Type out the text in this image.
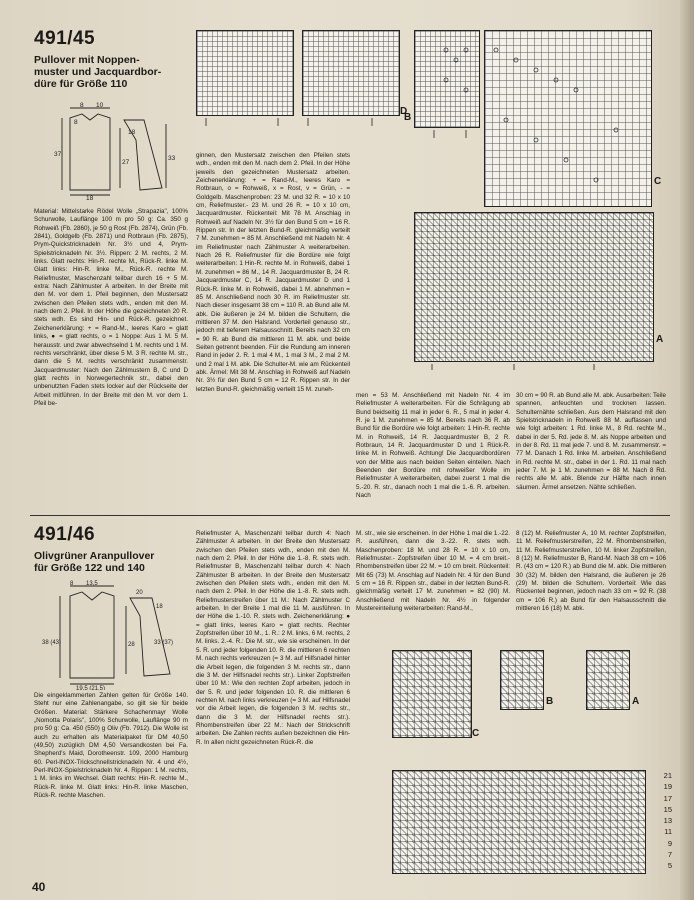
491/45
Pullover mit Noppen-
muster und Jacquardbor-
düre für Größe 110
8 10
18
37
27
33
8
18

Material: Mittelstarke Rödel Wolle „Strapazia", 100% Schurwolle, Lauflänge 100 m pro 50 g: Ca. 350 g Rohweiß (Fb. 2860), je 50 g Rost (Fb. 2874), Grün (Fb. 2841), Goldgelb (Fb. 2871) und Rotbraun (Fb. 2875), Prym-Quickstricknadeln Nr. 3½ und 4, Prym-Spielstricknadeln Nr. 3½. Rippen: 2 M. rechts, 2 M. links. Glatt rechts: Hin-R. rechte M., Rück-R. linke M. Glatt links: Hin-R. linke M., Rück-R. rechte M. Reliefmuster, Maschenzahl teilbar durch 16 + 5 M. extra: Nach Zählmuster A arbeiten. In der Breite mit den M. vor dem 1. Pfeil beginnen, den Mustersatz zwischen den Pfeilen stets wdh., enden mit den M. nach dem 2. Pfeil. In der Höhe die gezeichneten 20 R. stets wdh. Es sind Hin- und Rück-R. gezeichnet. Zeichenerklärung: + = Rand-M., leeres Karo = glatt links, ● = glatt rechts, o = 1 Noppe: Aus 1 M. 5 M. herausstr. und zwar abwechselnd 1 M. rechts und 1 M. rechts verschränkt, über diese 5 M. 3 R. rechte M. str., dann die 5 M. rechts verschränkt zusammenstr. Jacquardmuster: Nach den Zählmustern B, C und D glatt rechts in Norwegertechnik str., dabei den unbenutzten Faden stets locker auf der Rückseite der Arbeit mitführen. In der Breite mit den M. vor dem 1. Pfeil be-

ginnen, den Mustersatz zwischen den Pfeilen stets wdh., enden mit den M. nach dem 2. Pfeil. In der Höhe jeweils den gezeichneten Mustersatz arbeiten. Zeichenerklärung: + = Rand-M., leeres Karo = Rotbraun, o = Rohweiß, x = Rost, v = Grün, - = Goldgelb. Maschenproben: 23 M. und 32 R. = 10 x 10 cm, Reliefmuster.- 23 M. und 26 R. = 10 x 10 cm, Jacquardmuster. Rückenteil: Mit 78 M. Anschlag in Rohweiß auf Nadeln Nr. 3½ für den Bund 5 cm = 16 R. Rippen str. In der letzten Bund-R. gleichmäßig verteilt 7 M. zunehmen = 85 M. Anschließend mit Nadeln Nr. 4 im Reliefmuster nach Zählmuster A weiterarbeiten. Nach 26 R. Reliefmuster für die Bordüre wie folgt weiterarbeiten: 1 Hin-R. rechte M. in Rohweiß, dabei 1 M. zunehmen = 86 M., 14 R. Jacquardmuster B, 24 R. Jacquardmuster C, 14 R. Jacquardmuster D und 1 Rück-R. linke M. in Rohweiß, dabei 1 M. abnehmen = 85 M. Anschließend noch 30 R. im Reliefmuster str. Nach dieser insgesamt 38 cm = 110 R. ab Bund alle M. abk. Die äußeren je 24 M. bilden die Schultern, die mittleren 37 M. den Halsrand. Vorderteil genauso str., jedoch mit tieferem Halsausschnitt. Bereits nach 32 cm = 90 R. ab Bund die mittleren 11 M. abk. und beide Seiten getrennt beenden. Für die Rundung am inneren Rand in jeder 2. R. 1 mal 4 M., 1 mal 3 M., 2 mal 2 M. und 2 mal 1 M. abk. Die Schulter-M. wie am Rückenteil abk. Ärmel: Mit 38 M. Anschlag in Rohweiß auf Nadeln Nr. 3½ für den Bund 5 cm = 12 R. Rippen str. In der letzten Bund-R. gleichmäßig verteilt 15 M. zuneh-

men = 53 M. Anschließend mit Nadeln Nr. 4 im Reliefmuster A weiterarbeiten. Für die Schrägung ab Bund beidseitig 11 mal in jeder 6. R., 5 mal in jeder 4. R. je 1 M. zunehmen = 85 M. Bereits nach 36 R. ab Bund für die Bordüre wie folgt arbeiten: 1 Hin-R. rechte M. in Rohweiß, 14 R. Jacquardmuster B, 2 R. Rotbraun, 14 R. Jacquardmuster D und 1 Rück-R. linke M. in Rohweiß. Achtung! Die Jacquardbordüren von der Mitte aus nach beiden Seiten einteilen. Nach Beenden der Bordüre mit rohweißer Wolle im Reliefmuster A weiterarbeiten, dabei zuerst 1 mal die 5.-20. R. str., danach noch 1 mal die 1.-6. R. arbeiten. Nach

30 cm = 90 R. ab Bund alle M. abk. Ausarbeiten: Teile spannen, anfeuchten und trocknen lassen. Schulternähte schließen. Aus dem Halsrand mit den Spielstricknadeln in Rohweiß 88 M. auffassen und wie folgt arbeiten: 1 Rd. linke M., 8 Rd. rechte M., dabei in der 5. Rd. jede 8. M. als Noppe arbeiten und in der 8. Rd. 11 mal jede 7. und 8. M. zusammenstr. = 77 M. Danach 1 Rd. linke M. arbeiten. Anschließend in Rd. rechte M. str., dabei in der 1. Rd. 11 mal nach jeder 7. M. je 1 M. zunehmen = 88 M. Nach 8 Rd. rechts alle M. abk. Blende zur Hälfte nach innen säumen. Ärmel ansetzen. Nähte schließen.

D
B
C
A
491/46
Olivgrüner Aranpullover
für Größe 122 und 140
8 13,5
20
18
38 (43)	28	33 (37)
19,5 (21,5)

Die eingeklammerten Zahlen gelten für Größe 140. Steht nur eine Zahlenangabe, so gilt sie für beide Größen. Material: Stärkere Schachenmayr Wolle „Nomotta Polaris", 100% Schurwolle, Lauflänge 90 m pro 50 g: Ca. 450 (550) g Oliv (Fb. 7912). Die Wolle ist auch zu erhalten als Materialpaket für DM 40,50 (49,50) zuzüglich DM 4,50 Versandkosten bei Fa. Shepherd's Maid, Dorotheenstr. 109, 2000 Hamburg 60. Perl-INOX-Trickschnellstricknadeln Nr. 4 und 4½, Perl-INOX-Spielstricknadeln Nr. 4. Rippen: 1 M. rechts, 1 M. links im Wechsel. Glatt rechts: Hin-R. rechte M., Rück-R. linke M. Glatt links: Hin-R. linke Maschen, Rück-R. rechte Maschen.

Reliefmuster A, Maschenzahl teilbar durch 4: Nach Zählmuster A arbeiten. In der Breite den Mustersatz zwischen den Pfeilen stets wdh., enden mit den M. nach dem 2. Pfeil. In der Höhe die 1.-8. R. stets wdh. Reliefmuster B, Maschenzahl teilbar durch 4: Nach Zählmuster B arbeiten. In der Breite den Mustersatz zwischen den Pfeilen stets wdh., enden mit den M. nach dem 2. Pfeil. In der Höhe die 1.-8. R. stets wdh. Reliefmusterstreifen über 11 M.: Nach Zählmuster C arbeiten. In der Breite 1 mal die 11 M. ausführen. In der Höhe die 1.-10. R. stets wdh. Zeichenerklärung: ● = glatt links, leeres Karo = glatt rechts. Rechter Zopfstreifen über 10 M., 1. R.: 2 M. links, 6 M. rechts, 2 M. links. 2.-4. R.: Die M. str., wie sie erscheinen. In der 5. R. und jeder folgenden 10. R. die mittleren 6 rechten M. nach rechts verkreuzen (= 3 M. auf Hilfsnadel hinter die Arbeit legen, die folgenden 3 M. rechts str., dann die 3 M. der Hilfsnadel rechts str.). Linker Zopfstreifen über 10 M.: Wie den rechten Zopf arbeiten, jedoch in der 5. R. und jeder folgenden 10. R. die mittleren 6 rechten M. nach links verkreuzen (= 3 M. auf Hilfsnadel vor die Arbeit legen, die folgenden 3 M. rechts str., dann die 3 M. der Hilfsnadel rechts str.). Rhombenstreifen über 22 M.: Nach der Strickschrift arbeiten. Die Zahlen rechts außen bezeichnen die Hin-R. In allen nicht gezeichneten Rück-R. die

M. str., wie sie erscheinen. In der Höhe 1 mal die 1.-22. R. ausführen, dann die 3.-22. R. stets wdh. Maschenproben: 18 M. und 28 R. = 10 x 10 cm, Reliefmuster.- Zopfstreifen über 10 M. = 4 cm breit.- Rhombenstreifen über 22 M. = 10 cm breit. Rückenteil: Mit 65 (73) M. Anschlag auf Nadeln Nr. 4 für den Bund 5 cm = 16 R. Rippen str., dabei in der letzten Bund-R. gleichmäßig verteilt 17 M. zunehmen = 82 (90) M. Anschließend mit Nadeln Nr. 4½ in folgender Mustereinteilung weiterarbeiten: Rand-M.,

8 (12) M. Reliefmuster A, 10 M. rechter Zopfstreifen, 11 M. Reliefmusterstreifen, 22 M. Rhombenstreifen, 11 M. Reliefmusterstreifen, 10 M. linker Zopfstreifen, 8 (12) M. Reliefmuster B, Rand-M. Nach 38 cm = 106 R. (43 cm = 120 R.) ab Bund die M. abk. Die mittleren 30 (32) M. bilden den Halsrand, die äußeren je 26 (29) M. bilden die Schultern. Vorderteil: Wie das Rückenteil beginnen, jedoch nach 33 cm = 92 R. (38 cm = 106 R.) ab Bund für den Halsausschnitt die mittleren 16 (18) M. abk.

C
B	A
21
19
17
15
13
11
9
7
5
40
